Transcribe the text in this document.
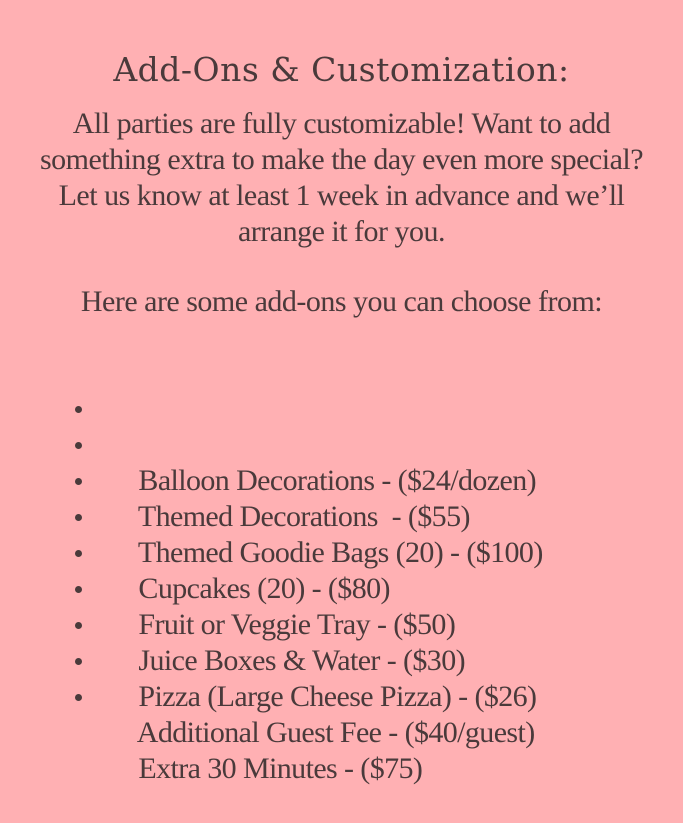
Add-Ons & Customization:

All parties are fully customizable! Want to add something extra to make the day even more special? Let us know at least 1 week in advance and we’ll arrange it for you.

Here are some add-ons you can choose from:

Balloon Decorations - ($24/dozen)

Themed Decorations  - ($55)

Themed Goodie Bags (20) - ($100)

Cupcakes (20) - ($80)

Fruit or Veggie Tray - ($50)

Juice Boxes & Water - ($30)

Pizza (Large Cheese Pizza) - ($26)

Additional Guest Fee - ($40/guest)

Extra 30 Minutes - ($75)
